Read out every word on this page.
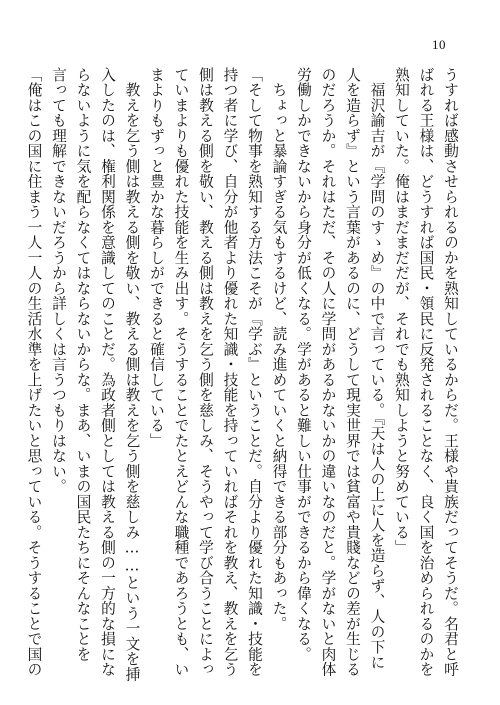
10
うすれば感動させられるのかを熟知しているからだ。王様や貴族だってそうだ。名君と呼
ばれる王様は、どうすれば国民・領民に反発されることなく、良く国を治められるのかを
熟知していた。俺はまだまだだが、それでも熟知しようと努めている」
　福沢諭吉が『学問のすゝめ』の中で言っている。『天は人の上に人を造らず、人の下に
人を造らず』という言葉があるのに、どうして現実世界では貧富や貴賤などの差が生じる
のだろうか。それはただ、その人に学問があるかないかの違いなのだと。学がないと肉体
労働しかできないから身分が低くなる。学があると難しい仕事ができるから偉くなる。
　ちょっと暴論すぎる気もするけど、読み進めていくと納得できる部分もあった。
「そして物事を熟知する方法こそが『学ぶ』ということだ。自分より優れた知識・技能を
持つ者に学び、自分が他者より優れた知識・技能を持っていればそれを教え、教えを乞う
側は教える側を敬い、教える側は教えを乞う側を慈しみ、そうやって学び合うことによっ
ていまよりも優れた技能を生み出す。そうすることでたとえどんな職種であろうとも、い
まよりもずっと豊かな暮らしができると確信している」
　教えを乞う側は教える側を敬い、教える側は教えを乞う側を慈しみ……という一文を挿
入したのは、権利関係を意識してのことだ。為政者側としては教える側の一方的な損にな
らないように気を配らなくてはならないからな。まあ、いまの国民たちにそんなことを
言っても理解できないだろうから詳しくは言うつもりはない。
「俺はこの国に住まう一人一人の生活水準を上げたいと思っている。そうすることで国の
